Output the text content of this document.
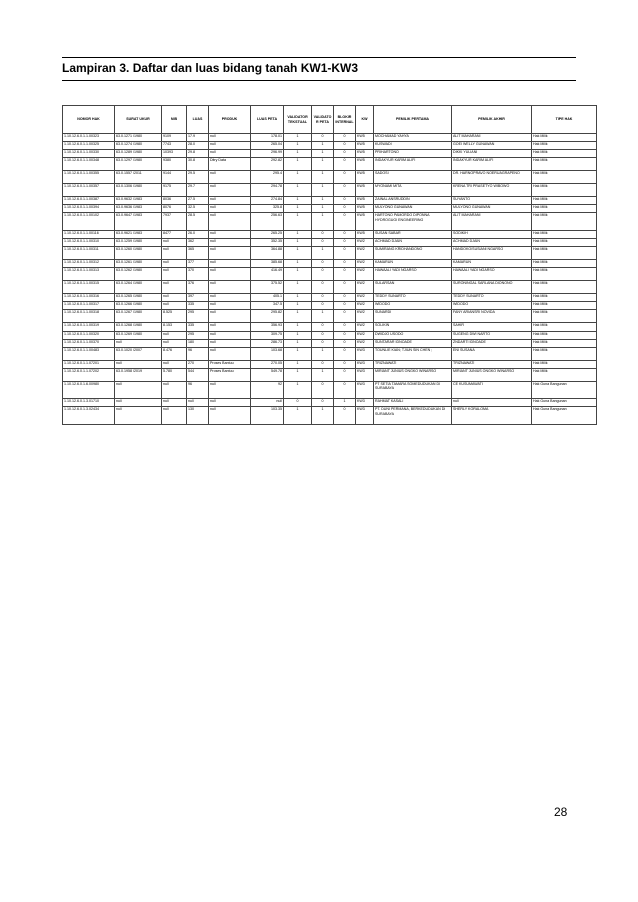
Lampiran 3. Daftar dan luas bidang tanah KW1-KW3
NOMOR HAK	SURAT UKUR	NIB	LUAS	PRODUK	LUAS PETA	VALIDATOR TEKSTUAL	VALIDATOR PETA	BLOKIR INTERNAL	KW	PEMILIK PERTAMA	PEMILIK AKHIR	TIPE HAK
1.10.12.6.0.1.1.00323	63.0.1271 /1980	9109	17.9	null	178.01	1	0	0	KW5	MOCHAMAD YAHYA	ALIT MAHARANI	Hak Milik
1.10.12.6.0.1.1.00325	63.0.1274 /1980	7743	28.0	null	265.04	1	1	0	KW5	KUSWADI	GOEI WELLY GUNAWAN	Hak Milik
1.10.12.6.0.1.1.00330	63.0.1289 /1980	10393	29.8	null	296.99	1	1	0	KW5	PRIHARTONO	DIKKI YULIANI	Hak Milik
1.10.12.6.0.1.1.00348	63.0.1297 /1980	9380	30.8	Ditry Data	292.82	1	1	0	KW5	INDAKYUR KARIM ALIFI	INDAKYUR KARIM ALIFI	Hak Milik
1.10.12.6.0.1.1.00355	63.0.1557 /2011	9144	29.5	null	295.4	1	1	0	KW5	SADOSI	DR. HARNOPRAVO NOERUAGRAPENO	Hak Milik
1.10.12.6.0.1.1.00357	63.0.1306 /1980	9175	29.7	null	294.78	1	1	0	KW5	MYONAMI MITA	KRENA TRI PRASETYO WIBOWO	Hak Milik
1.10.12.6.0.1.1.00387	63.0.9632 /1983	8036	27.5	null	274.84	1	1	0	KW5	ZAINAL ANSRUDDIN	SUYANTO	Hak Milik
1.10.12.6.0.1.1.00394	63.0.9636 /1983	8076	32.5	null	325.8	1	1	0	KW5	MULYONO GUNAWAN	MULYONO GUNAWAN	Hak Milik
1.10.12.6.0.1.1.00102	63.0.9647 /1983	7937	28.5	null	256.63	1	1	0	KW5	HARTONO PAMORDO DIPONNA HYDROGUGI ENGINEERING	ALIT MAHARANI	Hak Milik
1.10.12.6.0.1.1.00116	63.0.9621 /1983	8477	26.0	null	265.25	1	0	0	KW5	SUSAN SABAR	SODIKIH	Hak Milik
1.10.12.6.0.1.1.00310	63.0.1259 /1980	null	362	null	352.35	1	0	0	KW2	ACHMAD DJAIN	ACHMAD DJAIN	Hak Milik
1.10.12.6.0.1.1.00311	63.0.1260 /1980	null	365	null	364.88	1	1	0	KW2	SUMIRANG KRIDHANDONO	HANDOKO/SUSIANI NGARSO	Hak Milik
1.10.12.6.0.1.1.00312	63.0.1261 /1980	null	377	null	385.68	1	0	0	KW2	KAMARUN	KAMARUN	Hak Milik
1.10.12.6.0.1.1.00313	63.0.1262 /1980	null	370	null	416.49	1	0	0	KW2	HAWAALI YADI NGARSO	HAWAALI YADI NGARSO	Hak Milik
1.10.12.6.0.1.1.00315	63.0.1264 /1980	null	376	null	375.52	1	0	0	KW2	SULARSAN	SURONINGAL SARLANA DIONONO	Hak Milik
1.10.12.6.0.1.1.00316	63.0.1265 /1980	null	397	null	405.1	1	0	0	KW2	TEDDY SUNARTO	TEDDY SUNARTO	Hak Milik
1.10.12.6.0.1.1.00317	63.0.1266 /1980	null	335	null	347.5	1	0	0	KW2	WIDODO	WIDODO	Hak Milik
1.10.12.6.0.1.1.00318	63.0.1267 /1980	8.525	295	null	295.82	1	1	0	KW2	SUNARDI	FANY ARIANSRI NOVIDA	Hak Milik
1.10.12.6.0.1.1.00319	63.0.1268 /1980	8.153	335	null	356.93	1	0	0	KW2	SOLIKIN	SAHIR	Hak Milik
1.10.12.6.0.1.1.00320	63.0.1269 /1980	null	295	null	309.75	1	0	0	KW2	DWIDJO USODO	SUGENG DWI NARTO	Hak Milik
1.10.12.6.0.1.1.00370	null	null	180	null	286.73	1	0	0	KW2	SUNTARAR IDNOADE	ZNDARTI IDNOADE	Hak Milik
1.10.12.6.0.1.1.00483	63.0.1020 /2007	8.476	96	null	103.68	1	1	0	KW3	TOUNLIE KIAN; TJIUN SIN CHEN ;	ENI SUSANA	Hak Milik
1.10.12.6.0.1.1.07201	null	null	270	Proses Bantuu	270.05	1	0	0	KW3	TRIZNAWATI	TRIZNAWATI	Hak Milik
1.10.12.6.0.1.1.07202	63.0.1958 /2019	5.780	544	Proses Bantuu	549.78	1	1	0	KW3	MIRIANT JUNIUS ONGKO WINARSO	MIRIANT JUNIUS ONGKO WINARSO	Hak Milik
1.10.12.6.0.1.6.00980	null	null	96	null	92	1	0	0	KW3	PT SETIA TAMARA SOMEDUDUKAN DI SURABAYA	CE KUSUMAWATI	Hak Guna Bangunan
1.10.12.6.0.1.3.01710	null	null	null	null	null	0	0	1	KW3	RAHMAT KASALI	null	Hak Guna Bangunan
1.10.12.6.0.1.3.02434	null	null	130	null	103.35	1	1	0	KW3	PT. DUNI PERMANA, BERKEDUDUKAN DI SURABAYA	SHERLY KORALOMA	Hak Guna Bangunan
28
